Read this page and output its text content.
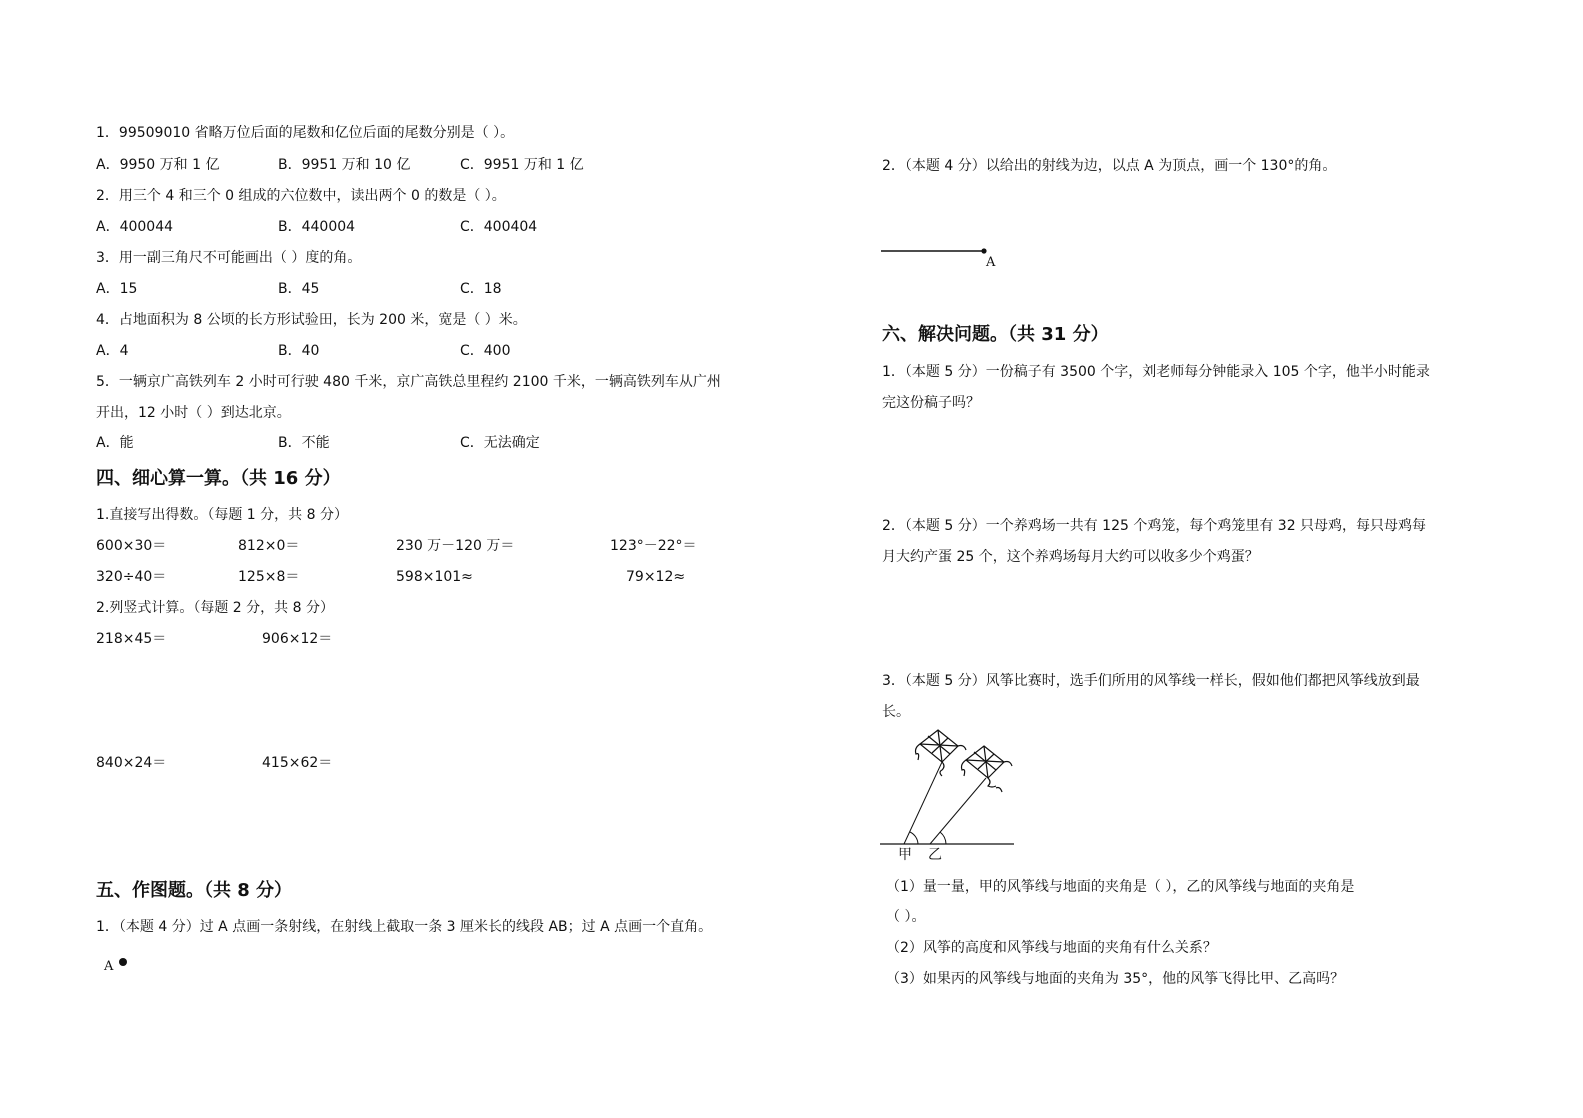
1．99509010 省略万位后面的尾数和亿位后面的尾数分别是（ ）。
A．9950 万和 1 亿	B．9951 万和 10 亿	C．9951 万和 1 亿
2．用三个 4 和三个 0 组成的六位数中，读出两个 0 的数是（ ）。
A．400044	B．440004	C．400404
3．用一副三角尺不可能画出（ ）度的角。
A．15	B．45	C．18
4．占地面积为 8 公顷的长方形试验田，长为 200 米，宽是（ ）米。
A．4	B．40	C．400
5．一辆京广高铁列车 2 小时可行驶 480 千米，京广高铁总里程约 2100 千米，一辆高铁列车从广州
开出，12 小时（ ）到达北京。
A．能	B．不能	C．无法确定
四、细心算一算。（共 16 分）
1.直接写出得数。（每题 1 分，共 8 分）
600×30＝	812×0＝	230 万－120 万＝	123°－22°＝
320÷40＝	125×8＝	598×101≈	79×12≈
2.列竖式计算。（每题 2 分，共 8 分）
218×45＝	906×12＝
840×24＝	415×62＝
五、作图题。（共 8 分）
1．（本题 4 分）过 A 点画一条射线，在射线上截取一条 3 厘米长的线段 AB；过 A 点画一个直角。
A
2．（本题 4 分）以给出的射线为边，以点 A 为顶点，画一个 130°的角。
A
六、解决问题。（共 31 分）
1．（本题 5 分）一份稿子有 3500 个字，刘老师每分钟能录入 105 个字，他半小时能录
完这份稿子吗？
2．（本题 5 分）一个养鸡场一共有 125 个鸡笼，每个鸡笼里有 32 只母鸡，每只母鸡每
月大约产蛋 25 个，这个养鸡场每月大约可以收多少个鸡蛋？
3．（本题 5 分）风筝比赛时，选手们所用的风筝线一样长，假如他们都把风筝线放到最
长。
甲 乙
（1）量一量，甲的风筝线与地面的夹角是（ ），乙的风筝线与地面的夹角是
（ ）。
（2）风筝的高度和风筝线与地面的夹角有什么关系？
（3）如果丙的风筝线与地面的夹角为 35°，他的风筝飞得比甲、乙高吗？
